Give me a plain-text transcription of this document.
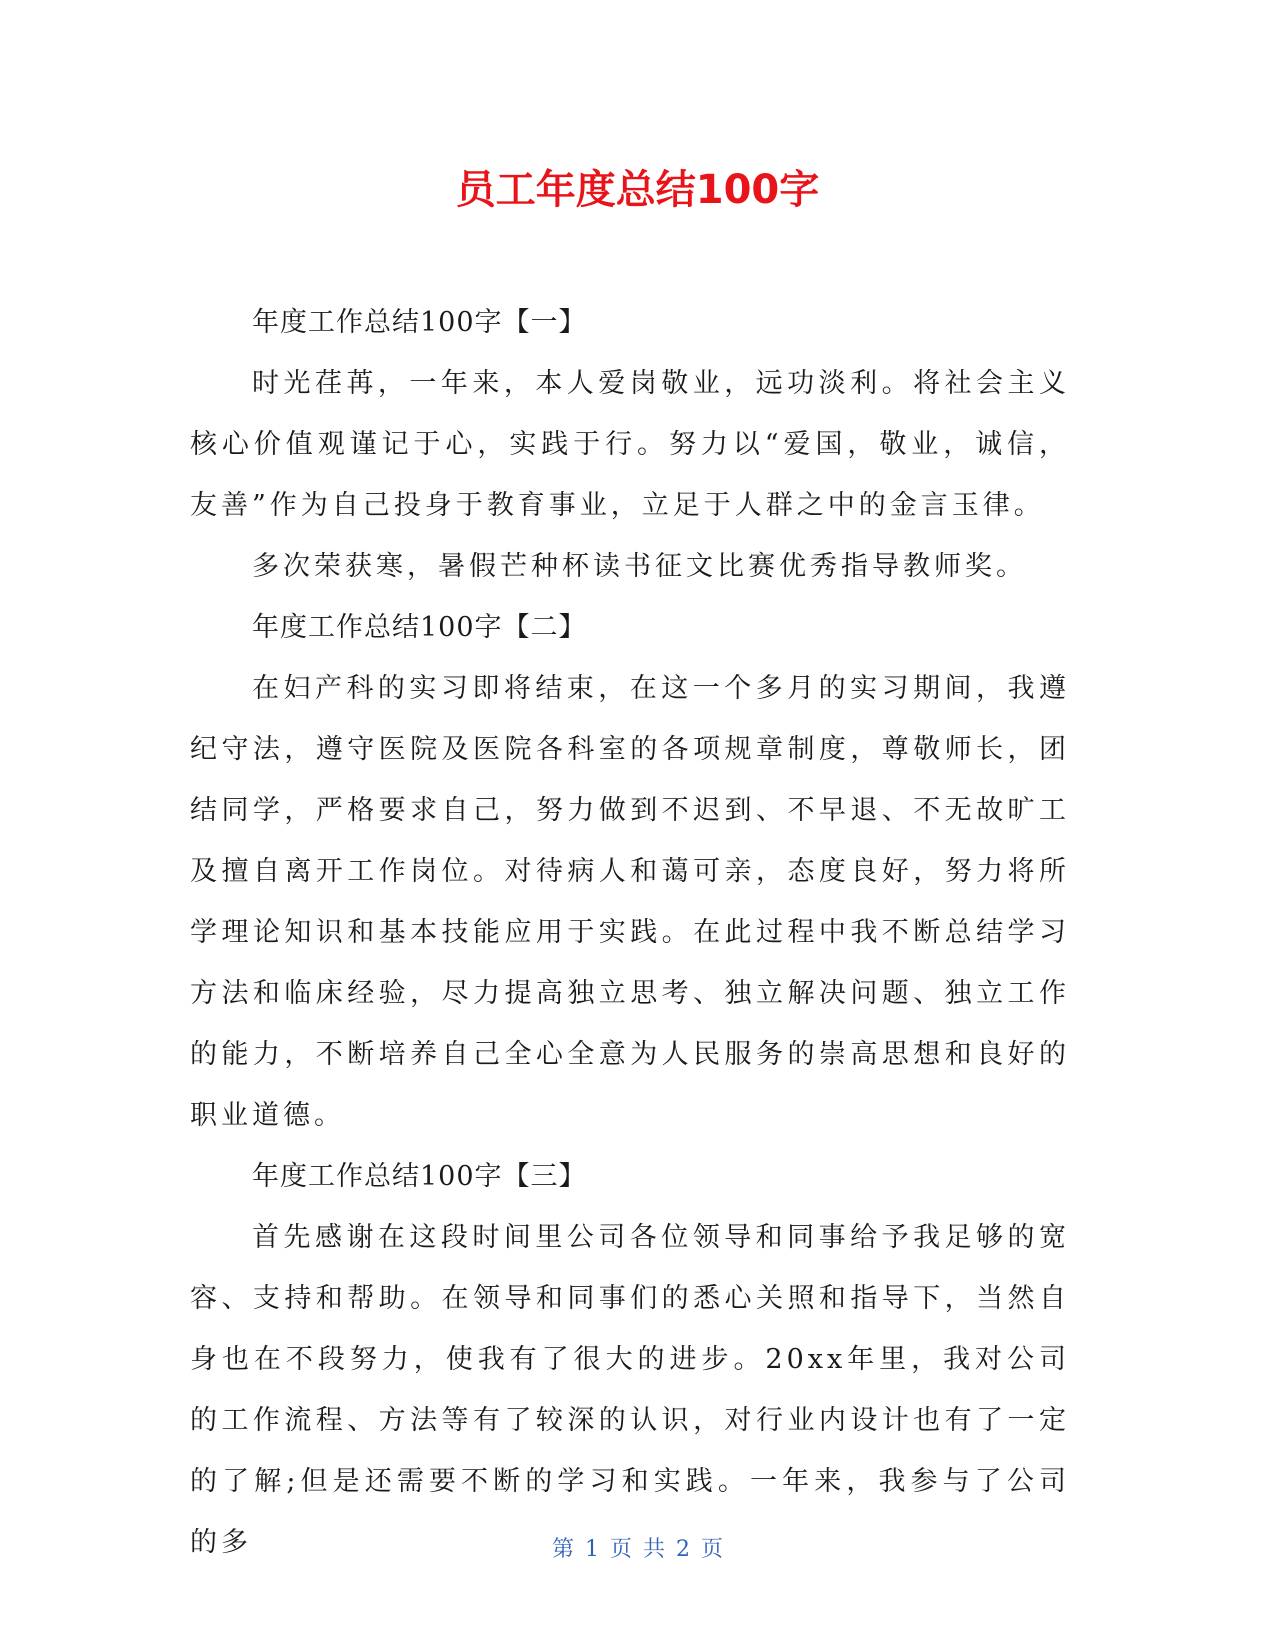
员工年度总结100字

年度工作总结100字【一】

时光荏苒，一年来，本人爱岗敬业，远功淡利。将社会主义核心价值观谨记于心，实践于行。努力以“爱国，敬业，诚信，友善”作为自己投身于教育事业，立足于人群之中的金言玉律。

多次荣获寒，暑假芒种杯读书征文比赛优秀指导教师奖。

年度工作总结100字【二】

在妇产科的实习即将结束，在这一个多月的实习期间，我遵纪守法，遵守医院及医院各科室的各项规章制度，尊敬师长，团结同学，严格要求自己，努力做到不迟到、不早退、不无故旷工及擅自离开工作岗位。对待病人和蔼可亲，态度良好，努力将所学理论知识和基本技能应用于实践。在此过程中我不断总结学习方法和临床经验，尽力提高独立思考、独立解决问题、独立工作的能力，不断培养自己全心全意为人民服务的崇高思想和良好的职业道德。

年度工作总结100字【三】

首先感谢在这段时间里公司各位领导和同事给予我足够的宽容、支持和帮助。在领导和同事们的悉心关照和指导下，当然自身也在不段努力，使我有了很大的进步。20xx年里，我对公司的工作流程、方法等有了较深的认识，对行业内设计也有了一定的了解;但是还需要不断的学习和实践。一年来，我参与了公司的多	第 1 页 共 2 页
